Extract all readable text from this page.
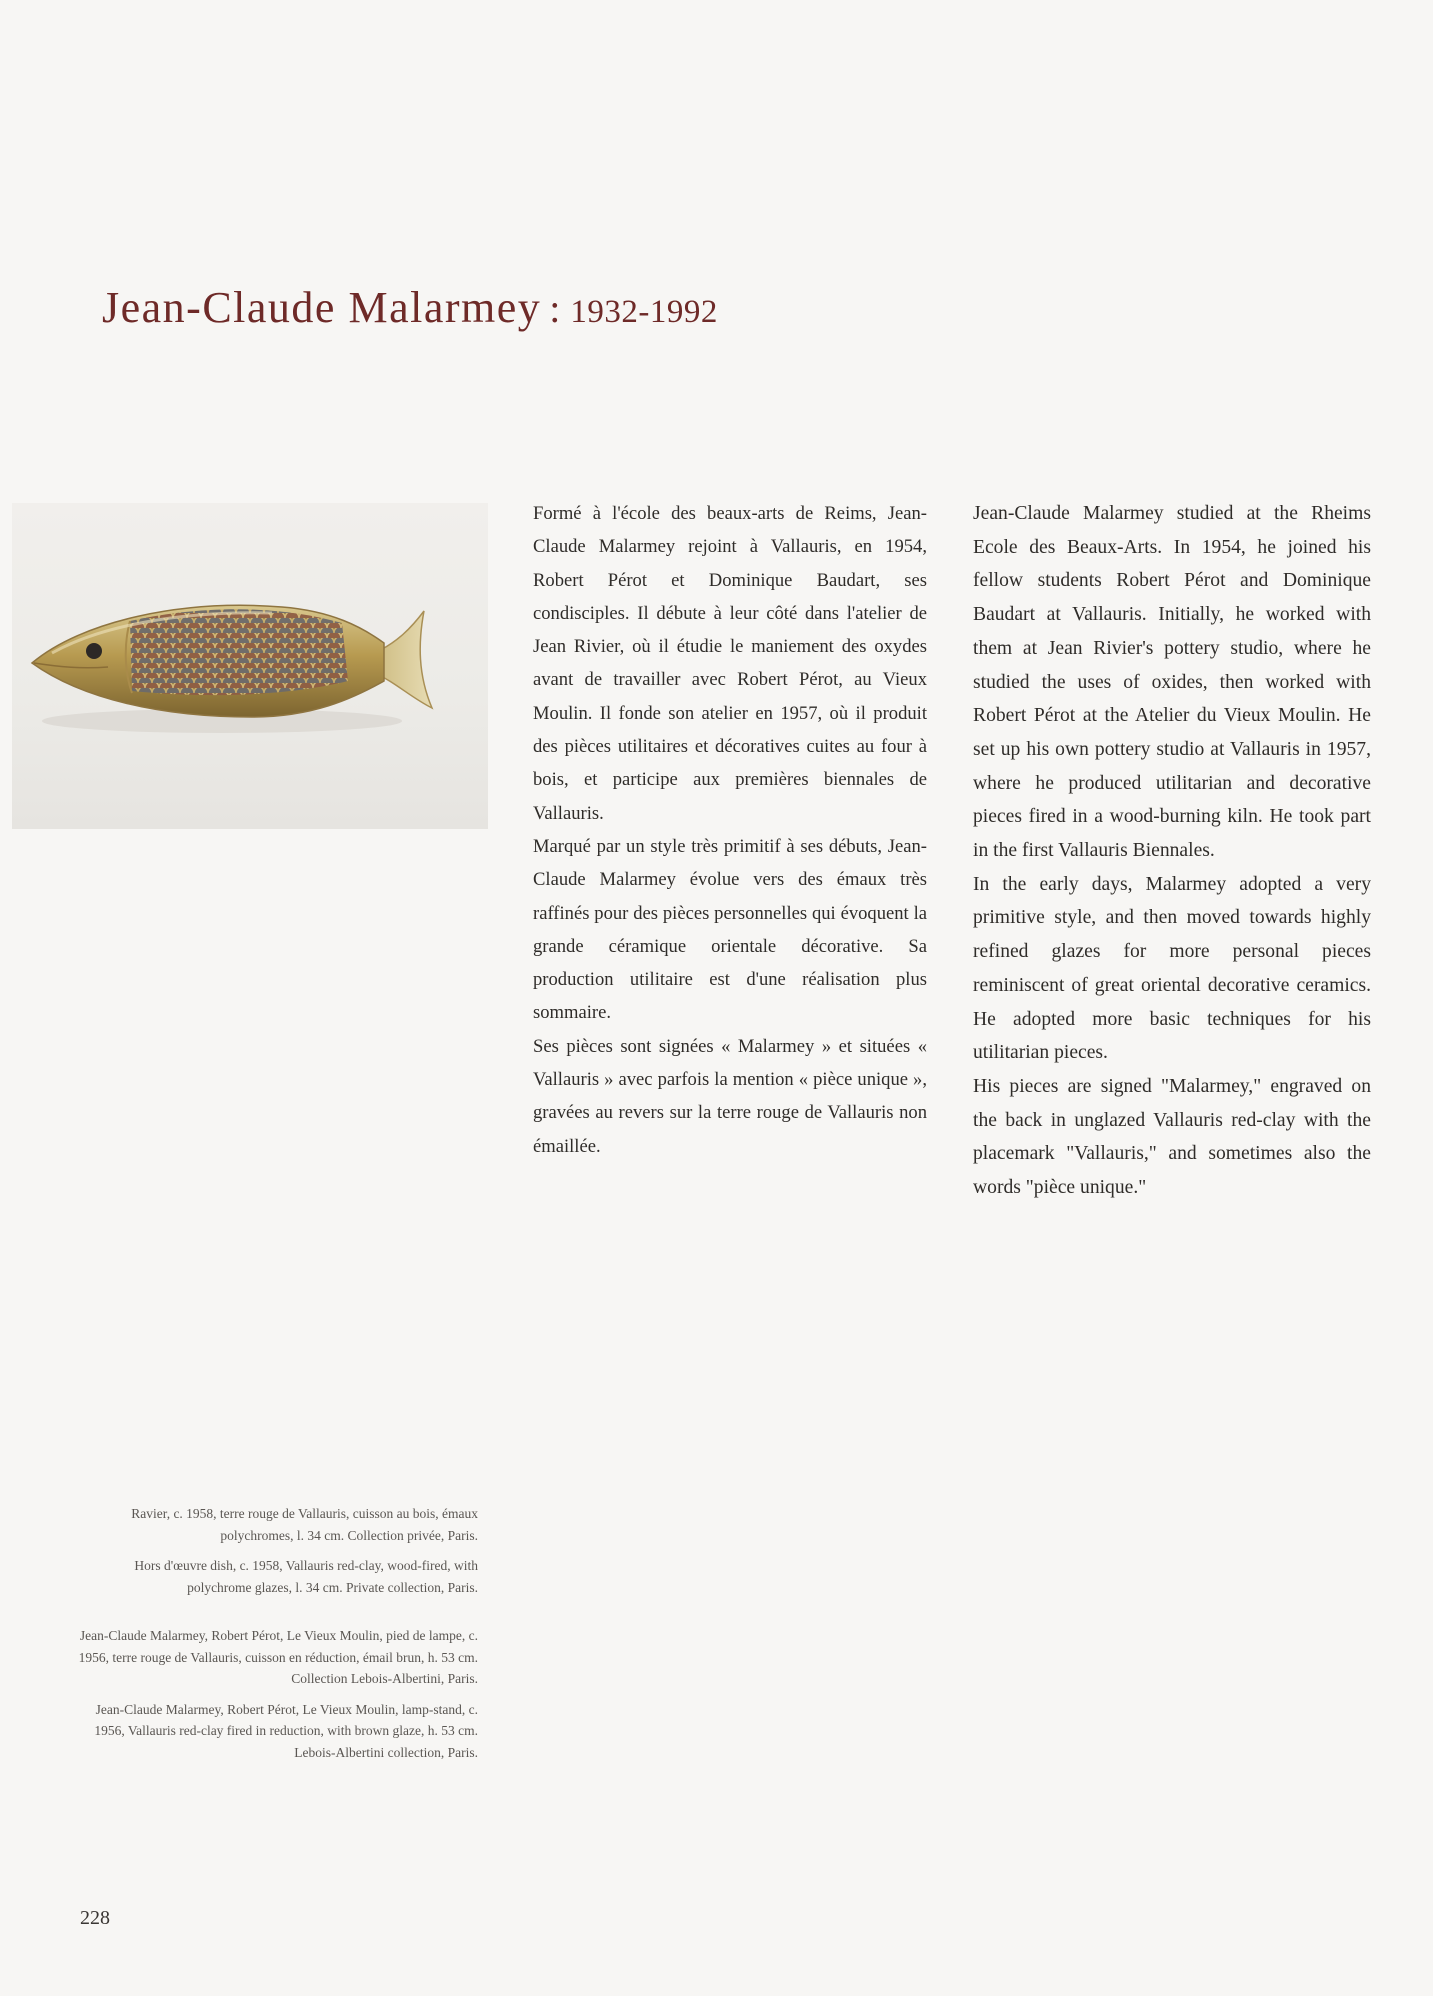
Jean-Claude Malarmey : 1932-1992

Formé à l'école des beaux-arts de Reims, Jean-Claude Malarmey rejoint à Vallauris, en 1954, Robert Pérot et Dominique Baudart, ses condisciples. Il débute à leur côté dans l'atelier de Jean Rivier, où il étudie le maniement des oxydes avant de travailler avec Robert Pérot, au Vieux Moulin. Il fonde son atelier en 1957, où il produit des pièces utilitaires et décoratives cuites au four à bois, et participe aux premières biennales de Vallauris.

Marqué par un style très primitif à ses débuts, Jean-Claude Malarmey évolue vers des émaux très raffinés pour des pièces personnelles qui évoquent la grande céramique orientale décorative. Sa production utilitaire est d'une réalisation plus sommaire.

Ses pièces sont signées « Malarmey » et situées « Vallauris » avec parfois la mention « pièce unique », gravées au revers sur la terre rouge de Vallauris non émaillée.

Jean-Claude Malarmey studied at the Rheims Ecole des Beaux-Arts. In 1954, he joined his fellow students Robert Pérot and Dominique Baudart at Vallauris. Initially, he worked with them at Jean Rivier's pottery studio, where he studied the uses of oxides, then worked with Robert Pérot at the Atelier du Vieux Moulin. He set up his own pottery studio at Vallauris in 1957, where he produced utilitarian and decorative pieces fired in a wood-burning kiln. He took part in the first Vallauris Biennales.

In the early days, Malarmey adopted a very primitive style, and then moved towards highly refined glazes for more personal pieces reminiscent of great oriental decorative ceramics. He adopted more basic techniques for his utilitarian pieces.

His pieces are signed "Malarmey," engraved on the back in unglazed Vallauris red-clay with the placemark "Vallauris," and sometimes also the words "pièce unique."

Ravier, c. 1958, terre rouge de Vallauris, cuisson au bois, émaux polychromes, l. 34 cm. Collection privée, Paris.

Hors d'œuvre dish, c. 1958, Vallauris red-clay, wood-fired, with polychrome glazes, l. 34 cm. Private collection, Paris.

Jean-Claude Malarmey, Robert Pérot, Le Vieux Moulin, pied de lampe, c. 1956, terre rouge de Vallauris, cuisson en réduction, émail brun, h. 53 cm. Collection Lebois-Albertini, Paris.

Jean-Claude Malarmey, Robert Pérot, Le Vieux Moulin, lamp-stand, c. 1956, Vallauris red-clay fired in reduction, with brown glaze, h. 53 cm. Lebois-Albertini collection, Paris.

228
